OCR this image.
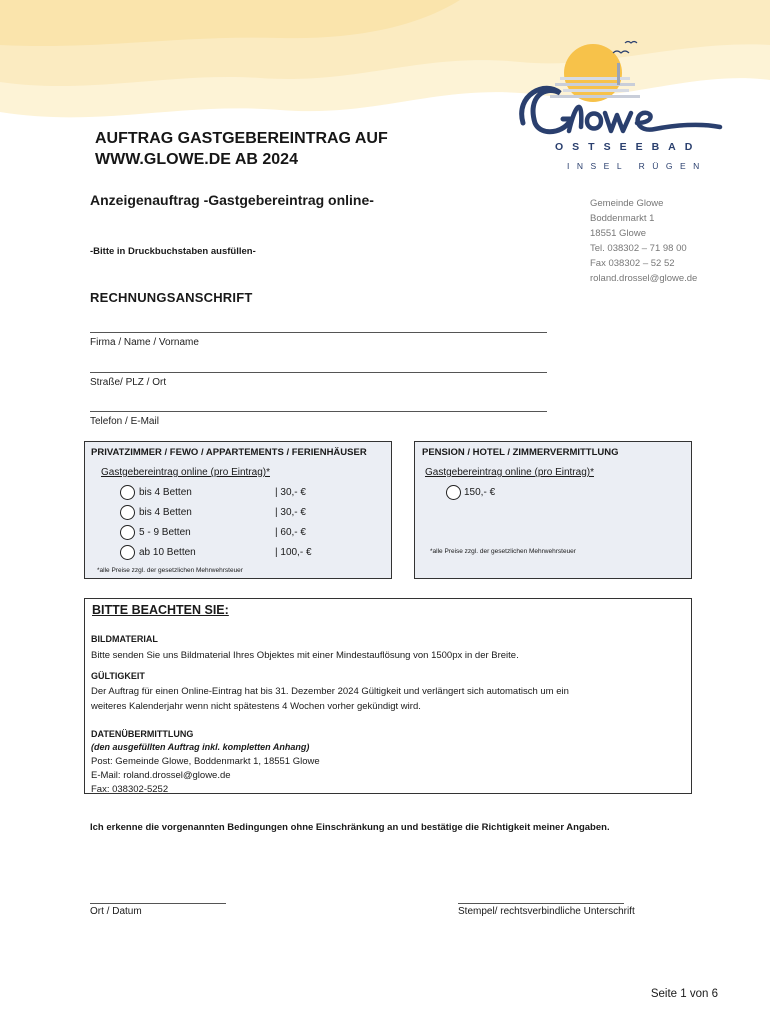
OSTSEEBAD
INSEL RÜGEN
AUFTRAG GASTGEBEREINTRAG AUF
WWW.GLOWE.DE AB 2024
Anzeigenauftrag -Gastgebereintrag online-
-Bitte in Druckbuchstaben ausfüllen-
Gemeinde Glowe
Boddenmarkt 1
18551 Glowe
Tel. 038302 – 71 98 00
Fax 038302 – 52 52
roland.drossel@glowe.de
RECHNUNGSANSCHRIFT
Firma / Name / Vorname
Straße/ PLZ / Ort
Telefon / E-Mail
PRIVATZIMMER / FEWO / APPARTEMENTS / FERIENHÄUSER
Gastgebereintrag online (pro Eintrag)*
bis 4 Betten	| 30,- €
bis 4 Betten	| 30,- €
5 - 9 Betten	| 60,- €
ab 10 Betten	| 100,- €
*alle Preise zzgl. der gesetzlichen Mehrwehrsteuer
PENSION / HOTEL / ZIMMERVERMITTLUNG
Gastgebereintrag online (pro Eintrag)*
150,- €
*alle Preise zzgl. der gesetzlichen Mehrwehrsteuer
BITTE BEACHTEN SIE:
BILDMATERIAL
Bitte senden Sie uns Bildmaterial Ihres Objektes mit einer Mindestauflösung von 1500px in der Breite.
GÜLTIGKEIT
Der Auftrag für einen Online-Eintrag hat bis 31. Dezember 2024 Gültigkeit und verlängert sich automatisch um ein
weiteres Kalenderjahr wenn nicht spätestens 4 Wochen vorher gekündigt wird.
DATENÜBERMITTLUNG
(den ausgefüllten Auftrag inkl. kompletten Anhang)
Post: Gemeinde Glowe, Boddenmarkt 1, 18551 Glowe
E-Mail: roland.drossel@glowe.de
Fax: 038302-5252
Ich erkenne die vorgenannten Bedingungen ohne Einschränkung an und bestätige die Richtigkeit meiner Angaben.
Ort / Datum	Stempel/ rechtsverbindliche Unterschrift
Seite 1 von 6
